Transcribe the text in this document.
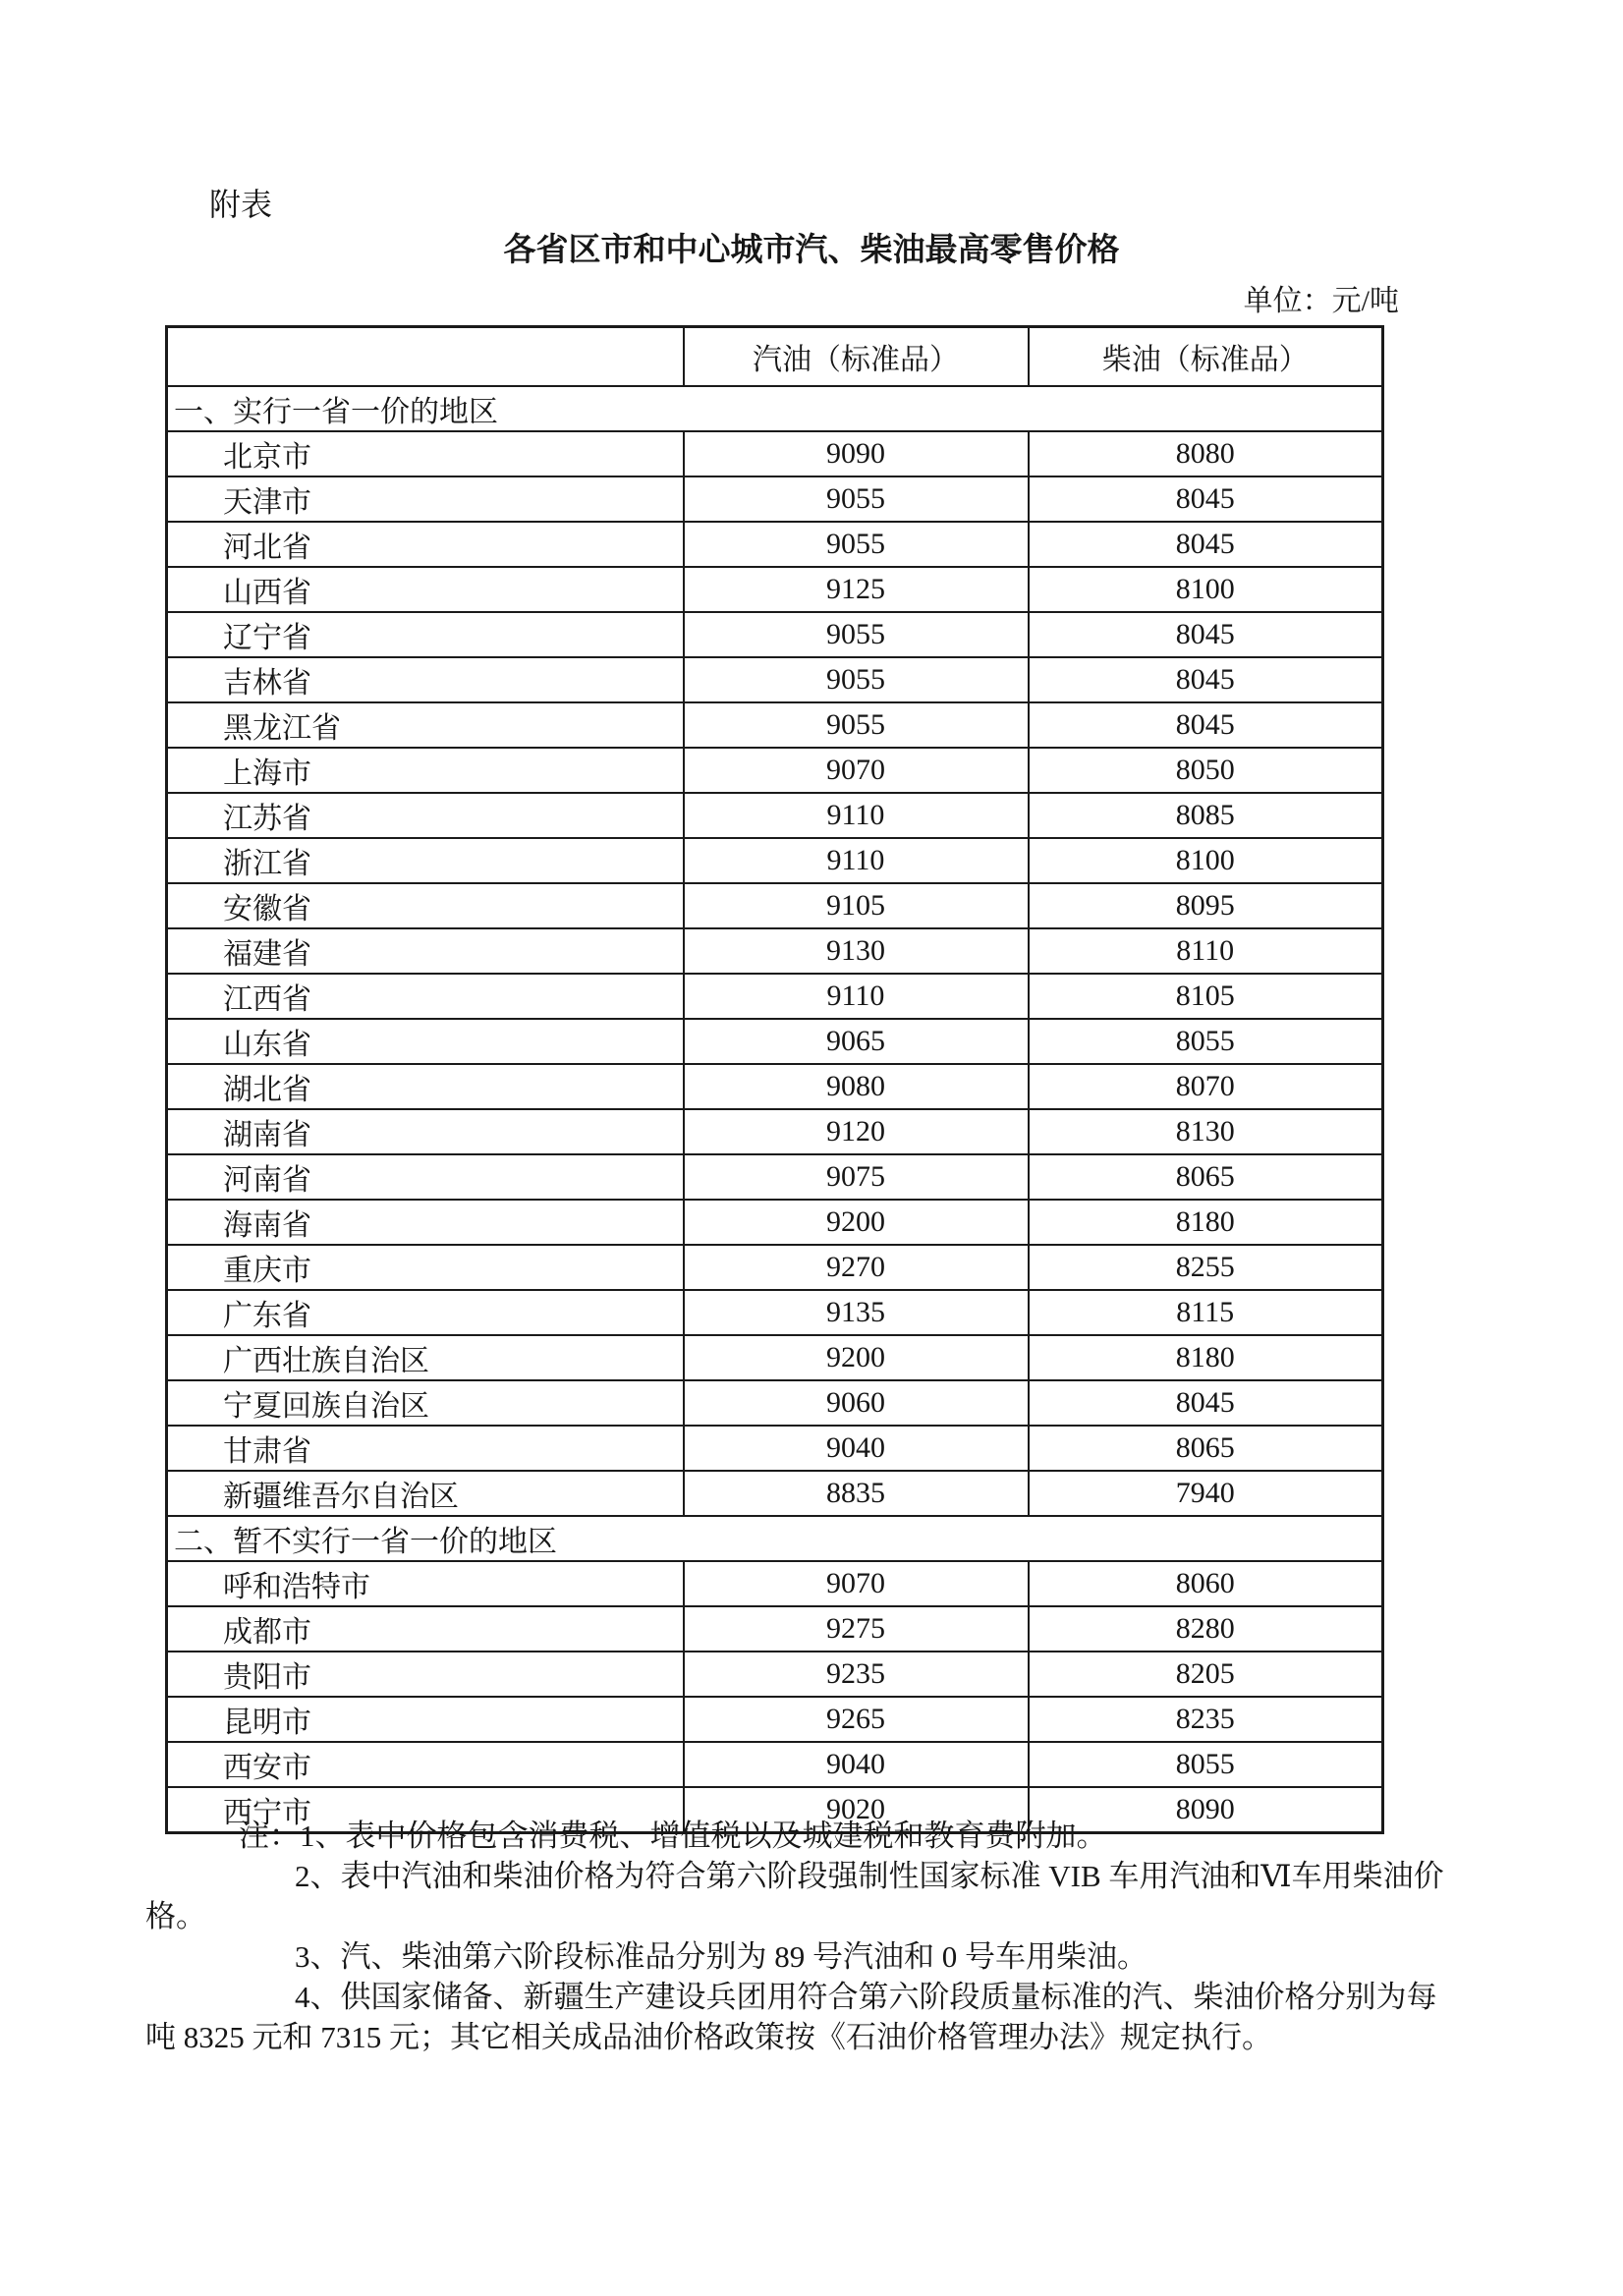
附表
各省区市和中心城市汽、柴油最高零售价格
单位：元/吨
	汽油（标准品）	柴油（标准品）
一、实行一省一价的地区		
北京市	9090	8080
天津市	9055	8045
河北省	9055	8045
山西省	9125	8100
辽宁省	9055	8045
吉林省	9055	8045
黑龙江省	9055	8045
上海市	9070	8050
江苏省	9110	8085
浙江省	9110	8100
安徽省	9105	8095
福建省	9130	8110
江西省	9110	8105
山东省	9065	8055
湖北省	9080	8070
湖南省	9120	8130
河南省	9075	8065
海南省	9200	8180
重庆市	9270	8255
广东省	9135	8115
广西壮族自治区	9200	8180
宁夏回族自治区	9060	8045
甘肃省	9040	8065
新疆维吾尔自治区	8835	7940
二、暂不实行一省一价的地区		
呼和浩特市	9070	8060
成都市	9275	8280
贵阳市	9235	8205
昆明市	9265	8235
西安市	9040	8055
西宁市	9020	8090
注：1、表中价格包含消费税、增值税以及城建税和教育费附加。
2、表中汽油和柴油价格为符合第六阶段强制性国家标准 VIB 车用汽油和Ⅵ车用柴油价
格。
3、汽、柴油第六阶段标准品分别为 89 号汽油和 0 号车用柴油。
4、供国家储备、新疆生产建设兵团用符合第六阶段质量标准的汽、柴油价格分别为每
吨 8325 元和 7315 元；其它相关成品油价格政策按《石油价格管理办法》规定执行。
